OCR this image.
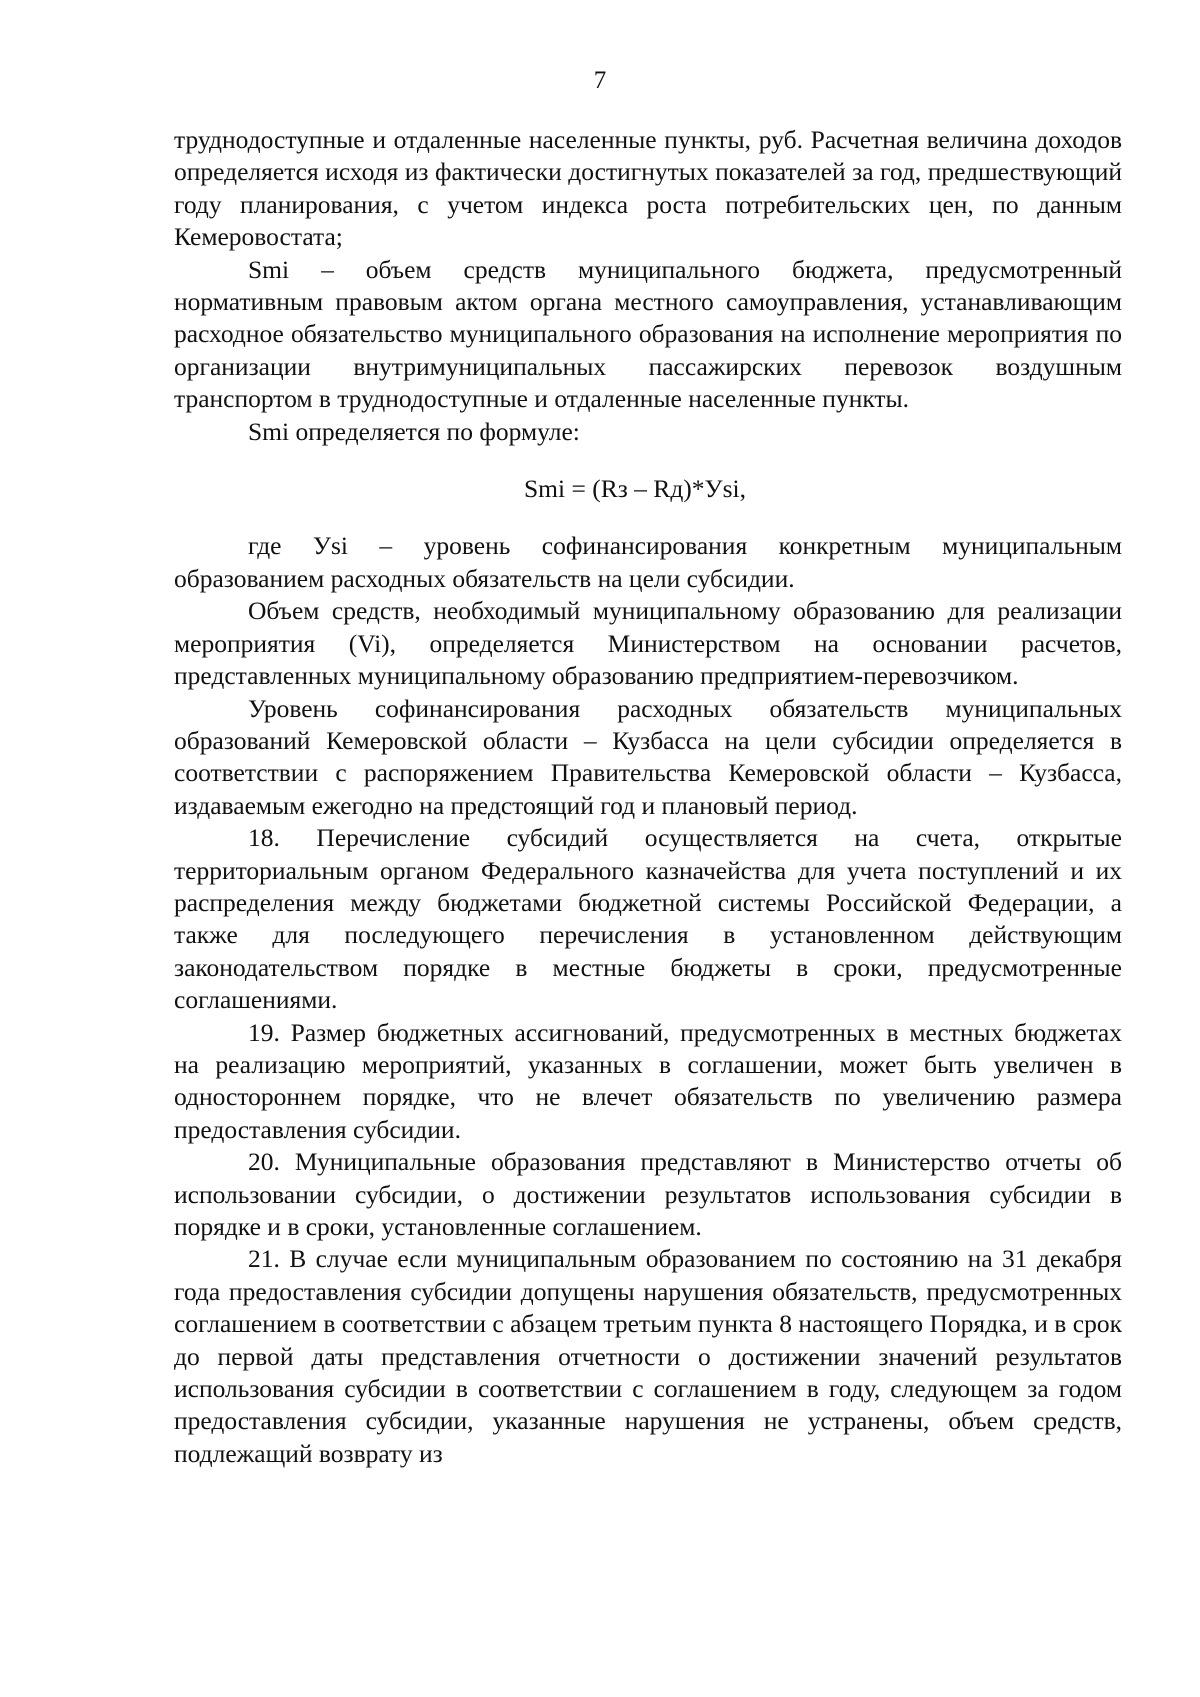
7

труднодоступные и отдаленные населенные пункты, руб. Расчетная величина доходов определяется исходя из фактически достигнутых показателей за год, предшествующий году планирования, с учетом индекса роста потребительских цен, по данным Кемеровостата;

Smi – объем средств муниципального бюджета, предусмотренный нормативным правовым актом органа местного самоуправления, устанавливающим расходное обязательство муниципального образования на исполнение мероприятия по организации внутримуниципальных пассажирских перевозок воздушным транспортом в труднодоступные и отдаленные населенные пункты.

Smi определяется по формуле:

Smi = (Rз – Rд)*Уsi,

где Уsi – уровень софинансирования конкретным муниципальным образованием расходных обязательств на цели субсидии.

Объем средств, необходимый муниципальному образованию для реализации мероприятия (Vi), определяется Министерством на основании расчетов, представленных муниципальному образованию предприятием-перевозчиком.

Уровень софинансирования расходных обязательств муниципальных образований Кемеровской области – Кузбасса на цели субсидии определяется в соответствии с распоряжением Правительства Кемеровской области – Кузбасса, издаваемым ежегодно на предстоящий год и плановый период.

18. Перечисление субсидий осуществляется на счета, открытые территориальным органом Федерального казначейства для учета поступлений и их распределения между бюджетами бюджетной системы Российской Федерации, а также для последующего перечисления в установленном действующим законодательством порядке в местные бюджеты в сроки, предусмотренные соглашениями.

19. Размер бюджетных ассигнований, предусмотренных в местных бюджетах на реализацию мероприятий, указанных в соглашении, может быть увеличен в одностороннем порядке, что не влечет обязательств по увеличению размера предоставления субсидии.

20. Муниципальные образования представляют в Министерство отчеты об использовании субсидии, о достижении результатов использования субсидии в порядке и в сроки, установленные соглашением.

21. В случае если муниципальным образованием по состоянию на 31 декабря года предоставления субсидии допущены нарушения обязательств, предусмотренных соглашением в соответствии с абзацем третьим пункта 8 настоящего Порядка, и в срок до первой даты представления отчетности о достижении значений результатов использования субсидии в соответствии с соглашением в году, следующем за годом предоставления субсидии, указанные нарушения не устранены, объем средств, подлежащий возврату из
